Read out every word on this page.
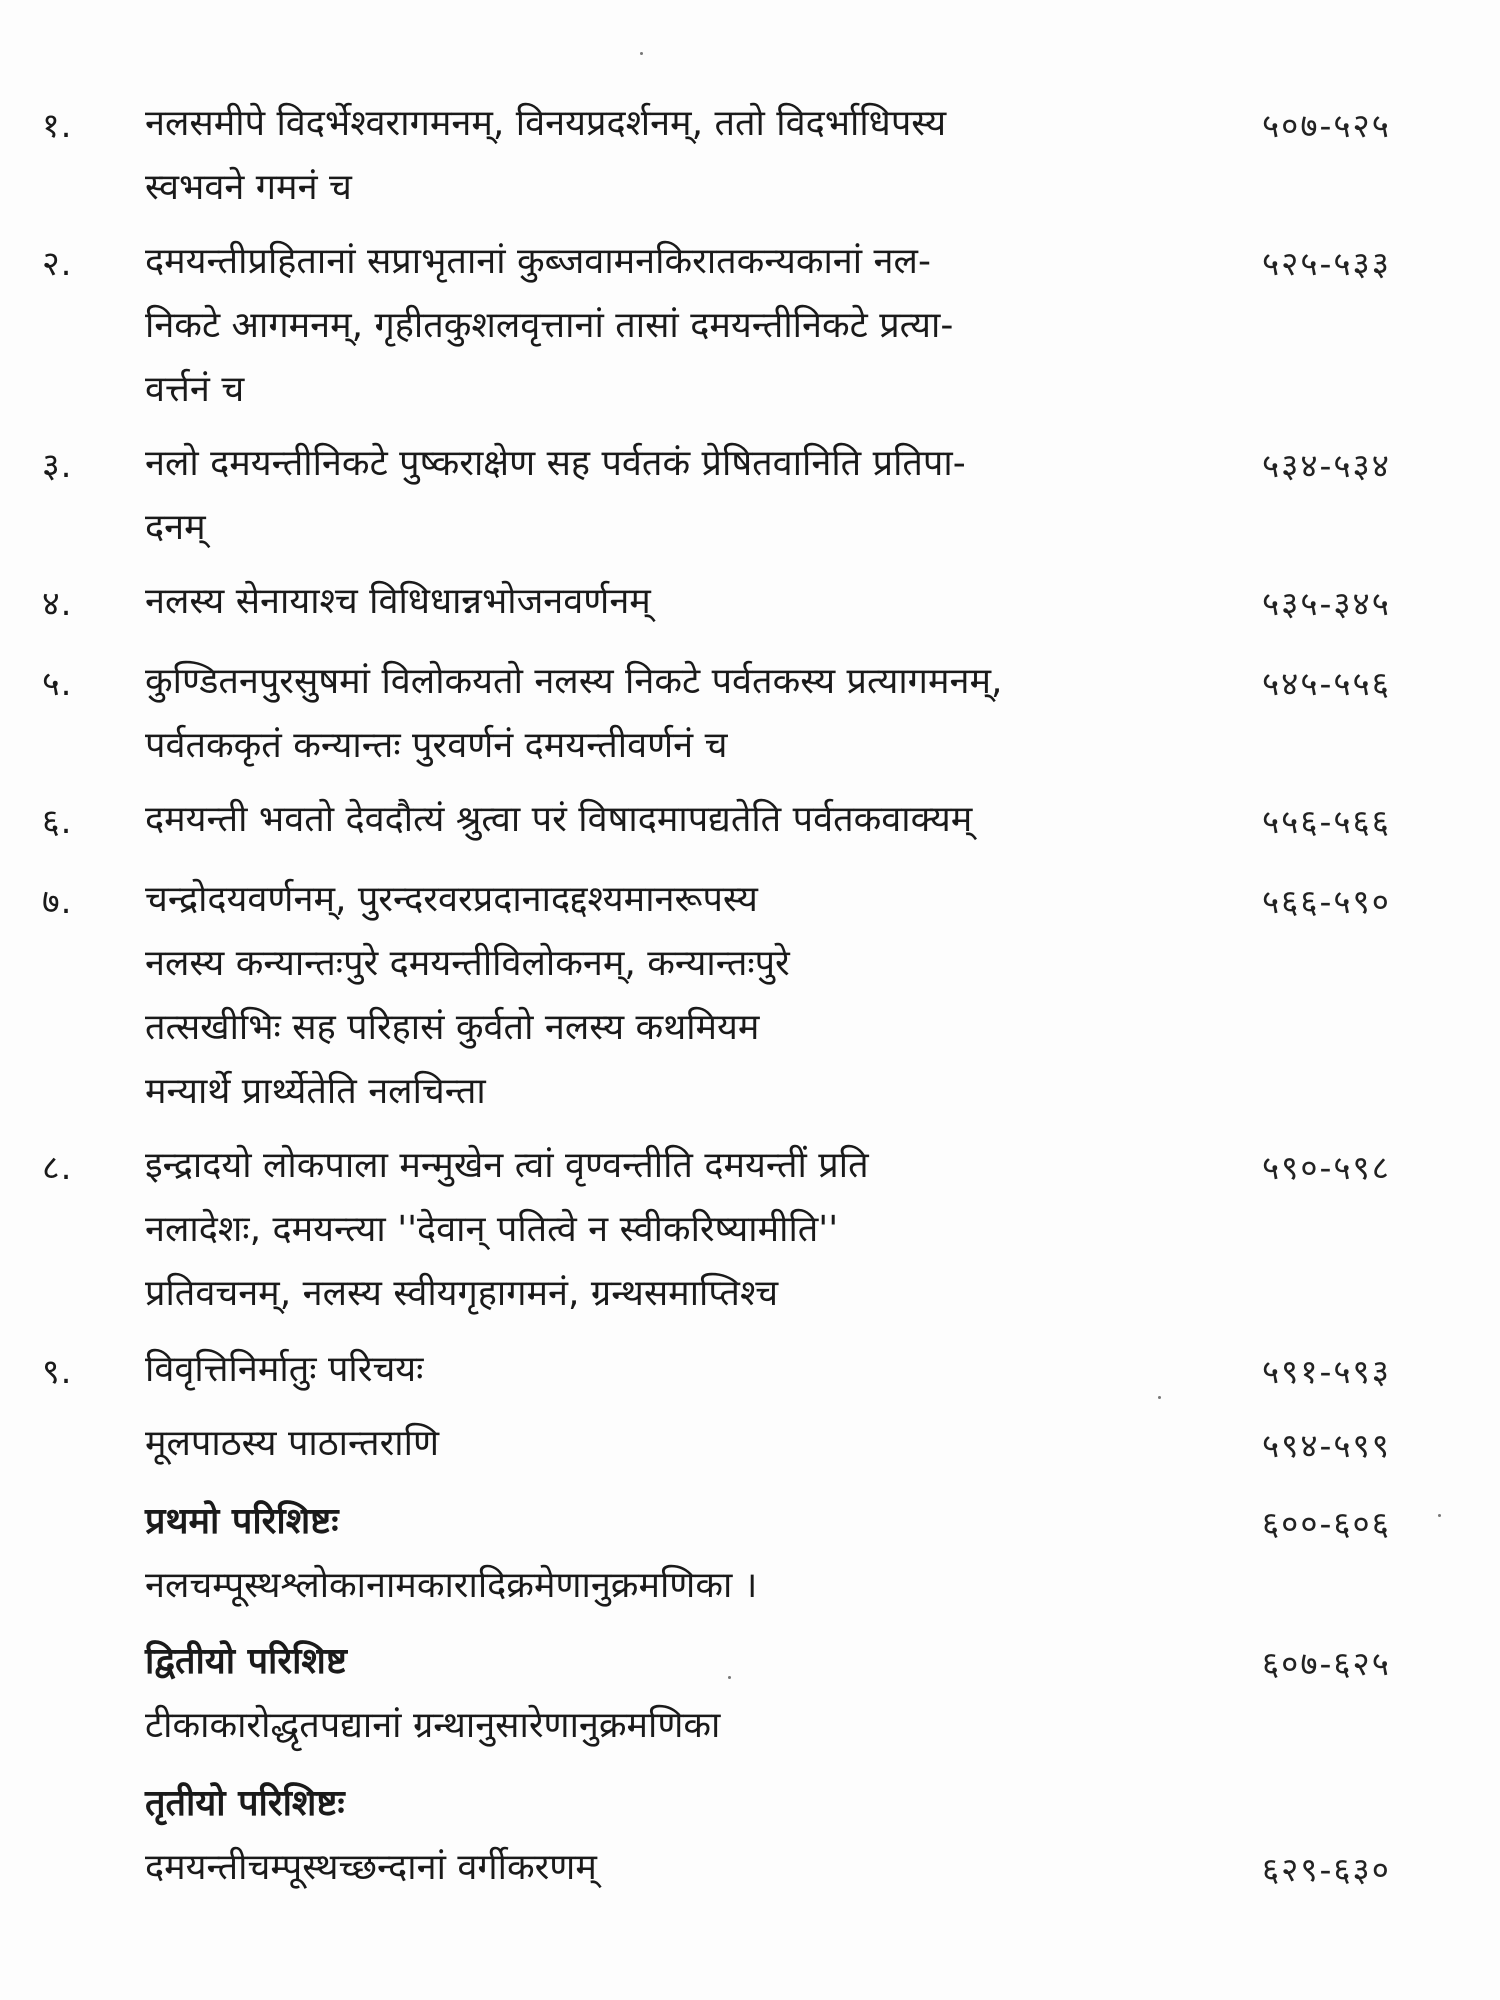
१. नलसमीपे विदर्भेश्वरागमनम्, विनयप्रदर्शनम्, ततो विदर्भाधिपस्य
स्वभवने गमनं च
५०७-५२५
२. दमयन्तीप्रहितानां सप्राभृतानां कुब्जवामनकिरातकन्यकानां नल-
निकटे आगमनम्, गृहीतकुशलवृत्तानां तासां दमयन्तीनिकटे प्रत्या-
वर्त्तनं च
५२५-५३३
३. नलो दमयन्तीनिकटे पुष्कराक्षेण सह पर्वतकं प्रेषितवानिति प्रतिपा-
दनम्
५३४-५३४
४. नलस्य सेनायाश्च विधिधान्नभोजनवर्णनम्	५३५-३४५
५. कुण्डितनपुरसुषमां विलोकयतो नलस्य निकटे पर्वतकस्य प्रत्यागमनम्,
पर्वतककृतं कन्यान्तः पुरवर्णनं दमयन्तीवर्णनं च
५४५-५५६
६. दमयन्ती भवतो देवदौत्यं श्रुत्वा परं विषादमापद्यतेति पर्वतकवाक्यम्	५५६-५६६
७. चन्द्रोदयवर्णनम्, पुरन्दरवरप्रदानादद्दश्यमानरूपस्य
नलस्य कन्यान्तःपुरे दमयन्तीविलोकनम्, कन्यान्तःपुरे
तत्सखीभिः सह परिहासं कुर्वतो नलस्य कथमियम
मन्यार्थे प्रार्थ्येतेति नलचिन्ता
५६६-५९०
८. इन्द्रादयो लोकपाला मन्मुखेन त्वां वृण्वन्तीति दमयन्तीं प्रति
नलादेशः, दमयन्त्या ''देवान् पतित्वे न स्वीकरिष्यामीति''
प्रतिवचनम्, नलस्य स्वीयगृहागमनं, ग्रन्थसमाप्तिश्च
५९०-५९८
९. विवृत्तिनिर्मातुः परिचयः	५९१-५९३
मूलपाठस्य पाठान्तराणि	५९४-५९९
प्रथमो परिशिष्टः
नलचम्पूस्थश्लोकानामकारादिक्रमेणानुक्रमणिका ।
६००-६०६
द्वितीयो परिशिष्ट
टीकाकारोद्धृतपद्यानां ग्रन्थानुसारेणानुक्रमणिका
६०७-६२५
तृतीयो परिशिष्टः
दमयन्तीचम्पूस्थच्छन्दानां वर्गीकरणम्	६२९-६३०
